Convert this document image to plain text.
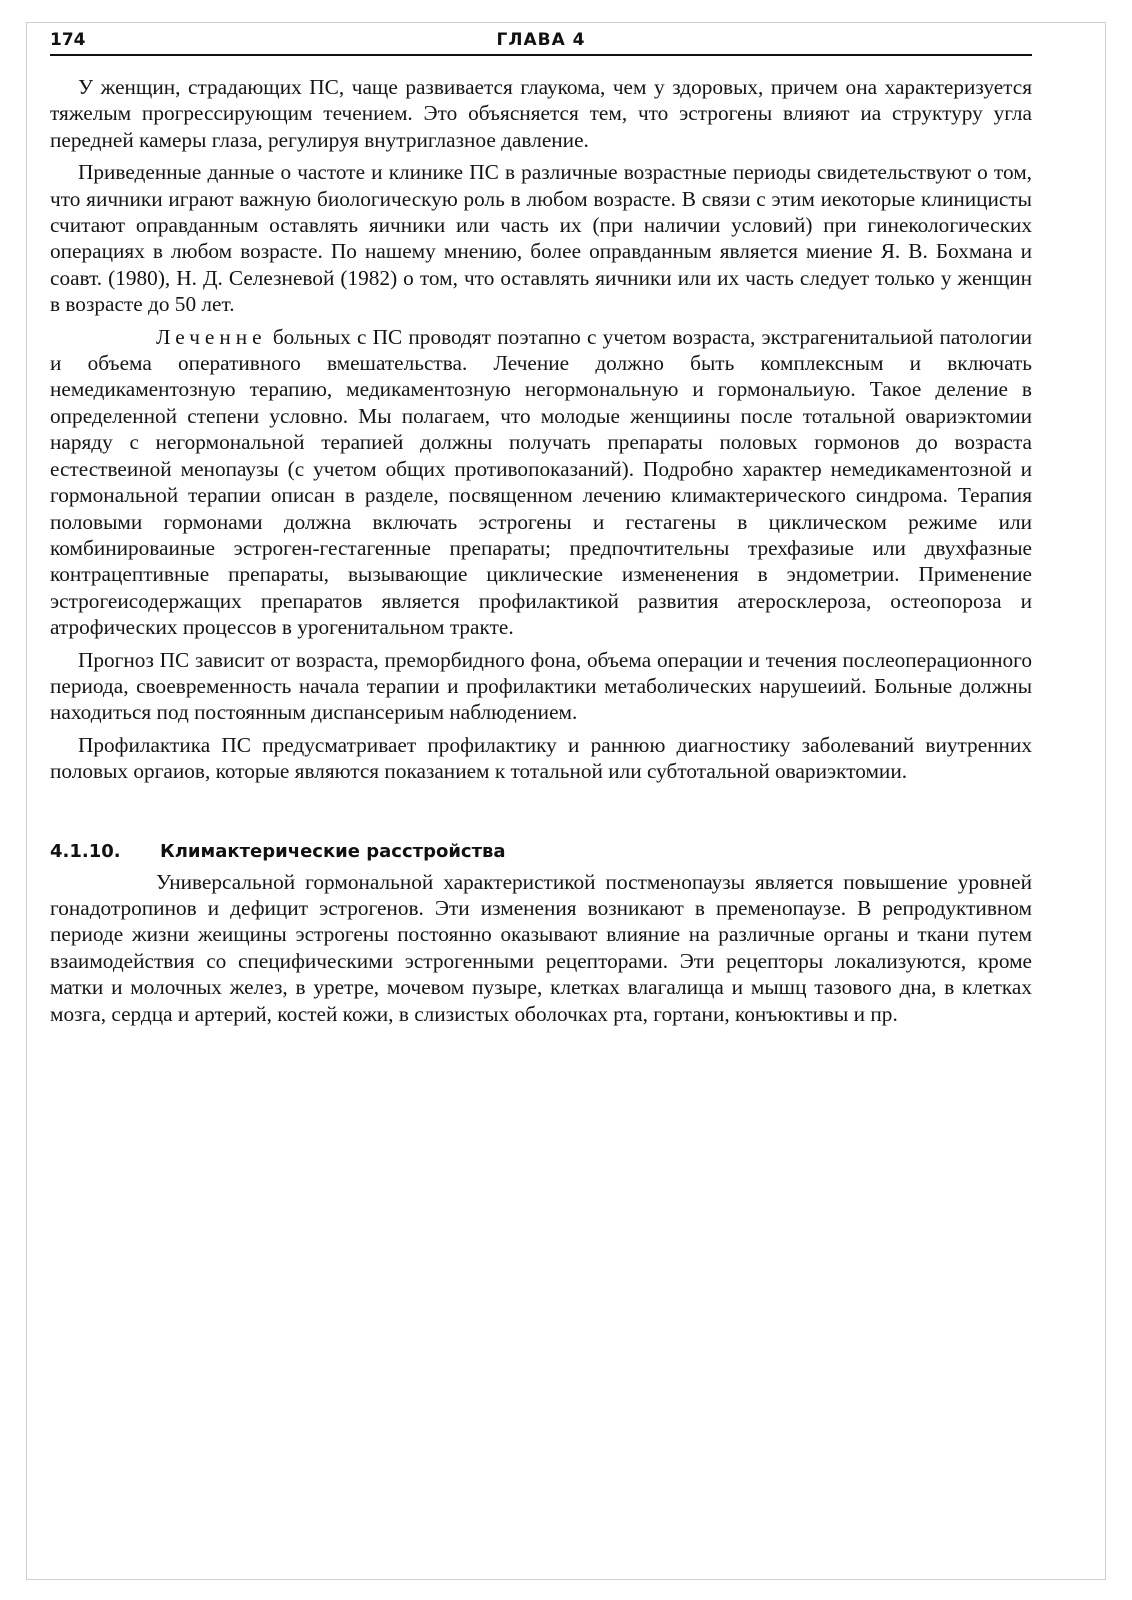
174	ГЛАВА 4

У женщин, страдающих ПС, чаще развивается глаукома, чем у здоровых, причем она характеризуется тяжелым прогрессирующим течением. Это объясняется тем, что эстрогены влияют иа структуру угла передней камеры глаза, регулируя внутриглазное давление.

Приведенные данные о частоте и клинике ПС в различные возрастные периоды свидетельствуют о том, что яичники играют важную биологическую роль в любом возрасте. В связи с этим иекоторые клиницисты считают оправданным оставлять яичники или часть их (при наличии условий) при гинекологических операциях в любом возрасте. По нашему мнению, более оправданным является миение Я. В. Бохмана и соавт. (1980), Н. Д. Селезневой (1982) о том, что оставлять яичники или их часть следует только у женщин в возрасте до 50 лет.

Леченне больных с ПС проводят поэтапно с учетом возраста, экстрагенитальиой патологии и объема оперативного вмешательства. Лечение должно быть комплексным и включать немедикаментозную терапию, медикаментозную негормональную и гормональиую. Такое деление в определенной степени условно. Мы полагаем, что молодые женщиины после тотальной овариэктомии наряду с негормональной терапией должны получать препараты половых гормонов до возраста естествеиной менопаузы (с учетом общих противопоказаний). Подробно характер немедикаментозной и гормональной терапии описан в разделе, посвященном лечению климактерического синдрома. Терапия половыми гормонами должна включать эстрогены и гестагены в циклическом режиме или комбинироваиные эстроген-гестагенные препараты; предпочтительны трехфазиые или двухфазные контрацептивные препараты, вызывающие циклические измененения в эндометрии. Применение эстрогеисодержащих препаратов является профилактикой развития атеросклероза, остеопороза и атрофических процессов в урогенитальном тракте.

Прогноз ПС зависит от возраста, преморбидного фона, объема операции и течения послеоперационного периода, своевременность начала терапии и профилактики метаболических нарушеиий. Больные должны находиться под постоянным диспансериым наблюдением.

Профилактика ПС предусматривает профилактику и раннюю диагностику заболеваний виутренних половых оргаиов, которые являются показанием к тотальной или субтотальной овариэктомии.

4.1.10. Климактерические расстройства

Универсальной гормональной характеристикой постменопаузы является повышение уровней гонадотропинов и дефицит эстрогенов. Эти изменения возникают в пременопаузе. В репродуктивном периоде жизни жеищины эстрогены постоянно оказывают влияние на различные органы и ткани путем взаимодействия со специфическими эстрогенными рецепторами. Эти рецепторы локализуются, кроме матки и молочных желез, в уретре, мочевом пузыре, клетках влагалища и мышц тазового дна, в клетках мозга, сердца и артерий, костей кожи, в слизистых оболочках рта, гортани, конъюктивы и пр.
